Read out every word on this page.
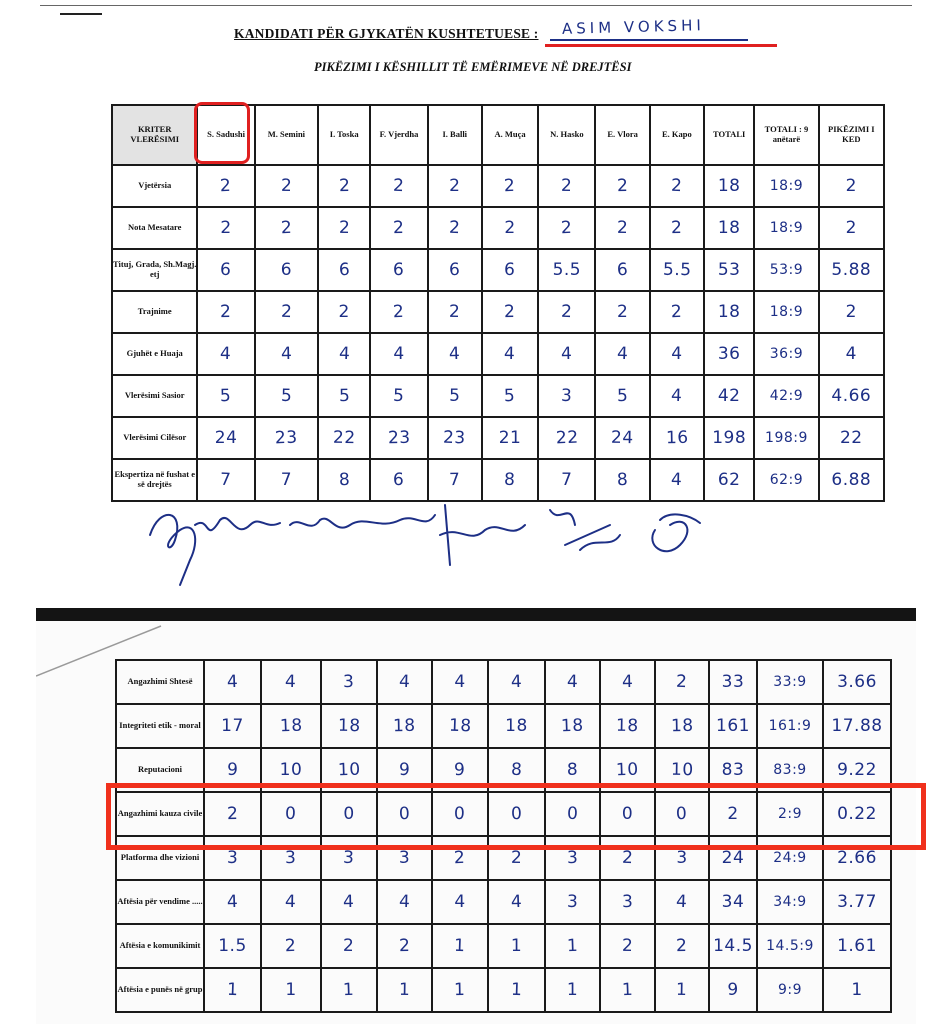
KANDIDATI PËR GJYKATËN KUSHTETUESE : ASIM VOKSHI
PIKËZIMI I KËSHILLIT TË EMËRIMEVE NË DREJTËSI
KRITER VLERËSIMI	S. Sadushi	M. Semini	I. Toska	F. Vjerdha	I. Balli	A. Muça	N. Hasko	E. Vlora	E. Kapo	TOTALI	TOTALI : 9 anëtarë	PIKËZIMI I KED
Vjetërsia	2	2	2	2	2	2	2	2	2	18	18:9	2
Nota Mesatare	2	2	2	2	2	2	2	2	2	18	18:9	2
Tituj, Grada, Sh.Magj. etj	6	6	6	6	6	6	5.5	6	5.5	53	53:9	5.88
Trajnime	2	2	2	2	2	2	2	2	2	18	18:9	2
Gjuhët e Huaja	4	4	4	4	4	4	4	4	4	36	36:9	4
Vlerësimi Sasior	5	5	5	5	5	5	3	5	4	42	42:9	4.66
Vlerësimi Cilësor	24	23	22	23	23	21	22	24	16	198	198:9	22
Ekspertiza në fushat e së drejtës	7	7	8	6	7	8	7	8	4	62	62:9	6.88
Angazhimi Shtesë	4	4	3	4	4	4	4	4	2	33	33:9	3.66
Integriteti etik - moral	17	18	18	18	18	18	18	18	18	161	161:9	17.88
Reputacioni	9	10	10	9	9	8	8	10	10	83	83:9	9.22
Angazhimi kauza civile	2	0	0	0	0	0	0	0	0	2	2:9	0.22
Platforma dhe vizioni	3	3	3	3	2	2	3	2	3	24	24:9	2.66
Aftësia për vendime .....	4	4	4	4	4	4	3	3	4	34	34:9	3.77
Aftësia e komunikimit	1.5	2	2	2	1	1	1	2	2	14.5	14.5:9	1.61
Aftësia e punës në grup	1	1	1	1	1	1	1	1	1	9	9:9	1
